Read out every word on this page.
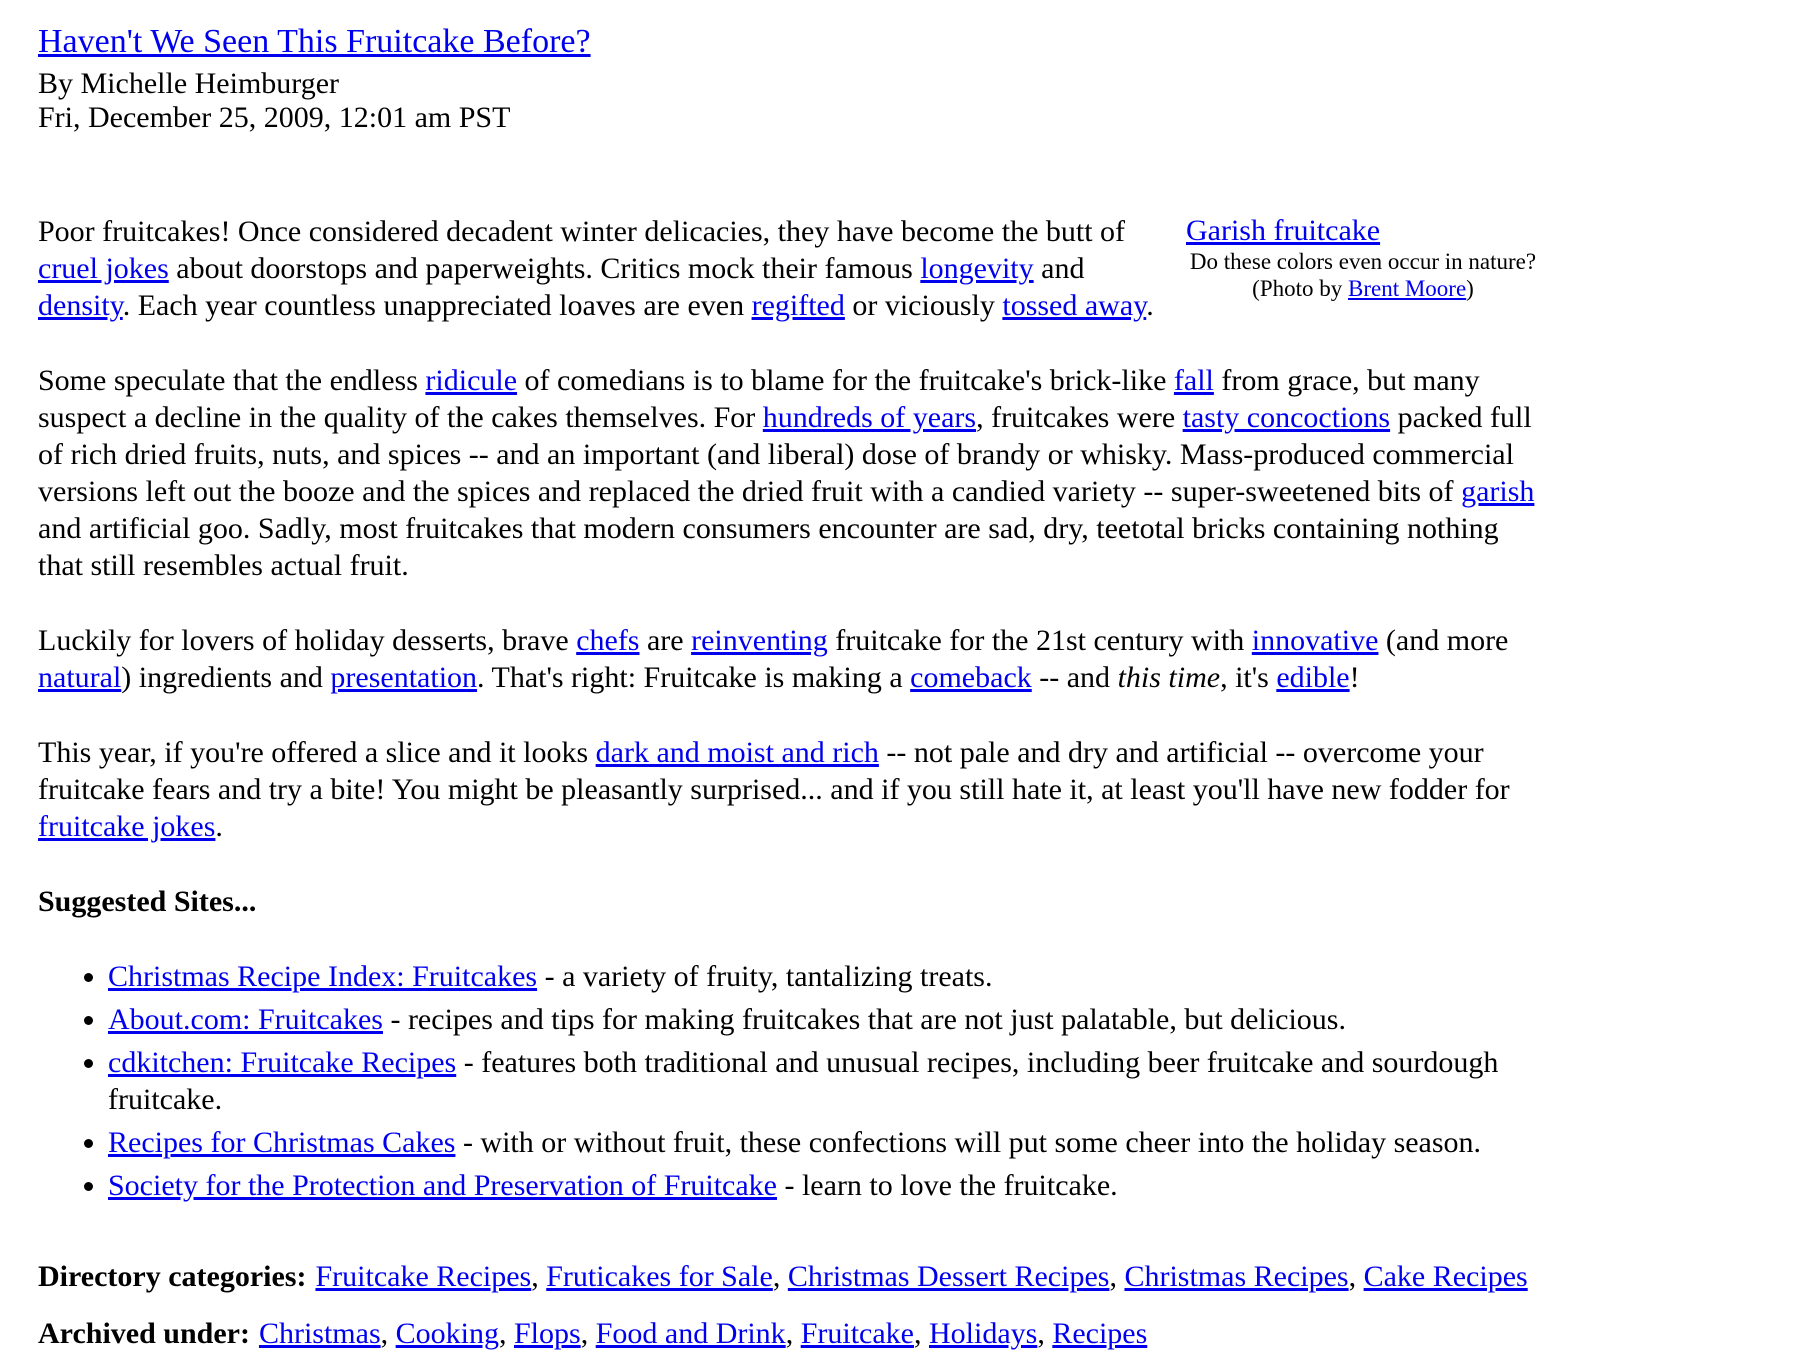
Haven't We Seen This Fruitcake Before?
By Michelle Heimburger
Fri, December 25, 2009, 12:01 am PST
Garish fruitcake
Do these colors even occur in nature?
(Photo by Brent Moore)

Poor fruitcakes! Once considered decadent winter delicacies, they have become the butt of cruel jokes about doorstops and paperweights. Critics mock their famous longevity and density. Each year countless unappreciated loaves are even regifted or viciously tossed away.

Some speculate that the endless ridicule of comedians is to blame for the fruitcake's brick-like fall from grace, but many suspect a decline in the quality of the cakes themselves. For hundreds of years, fruitcakes were tasty concoctions packed full of rich dried fruits, nuts, and spices -- and an important (and liberal) dose of brandy or whisky. Mass-produced commercial versions left out the booze and the spices and replaced the dried fruit with a candied variety -- super-sweetened bits of garish and artificial goo. Sadly, most fruitcakes that modern consumers encounter are sad, dry, teetotal bricks containing nothing that still resembles actual fruit.

Luckily for lovers of holiday desserts, brave chefs are reinventing fruitcake for the 21st century with innovative (and more natural) ingredients and presentation. That's right: Fruitcake is making a comeback -- and this time, it's edible!

This year, if you're offered a slice and it looks dark and moist and rich -- not pale and dry and artificial -- overcome your fruitcake fears and try a bite! You might be pleasantly surprised... and if you still hate it, at least you'll have new fodder for fruitcake jokes.

Suggested Sites...

• Christmas Recipe Index: Fruitcakes - a variety of fruity, tantalizing treats.
• About.com: Fruitcakes - recipes and tips for making fruitcakes that are not just palatable, but delicious.
• cdkitchen: Fruitcake Recipes - features both traditional and unusual recipes, including beer fruitcake and sourdough fruitcake.
• Recipes for Christmas Cakes - with or without fruit, these confections will put some cheer into the holiday season.
• Society for the Protection and Preservation of Fruitcake - learn to love the fruitcake.

Directory categories: Fruitcake Recipes, Fruticakes for Sale, Christmas Dessert Recipes, Christmas Recipes, Cake Recipes

Archived under: Christmas, Cooking, Flops, Food and Drink, Fruitcake, Holidays, Recipes
